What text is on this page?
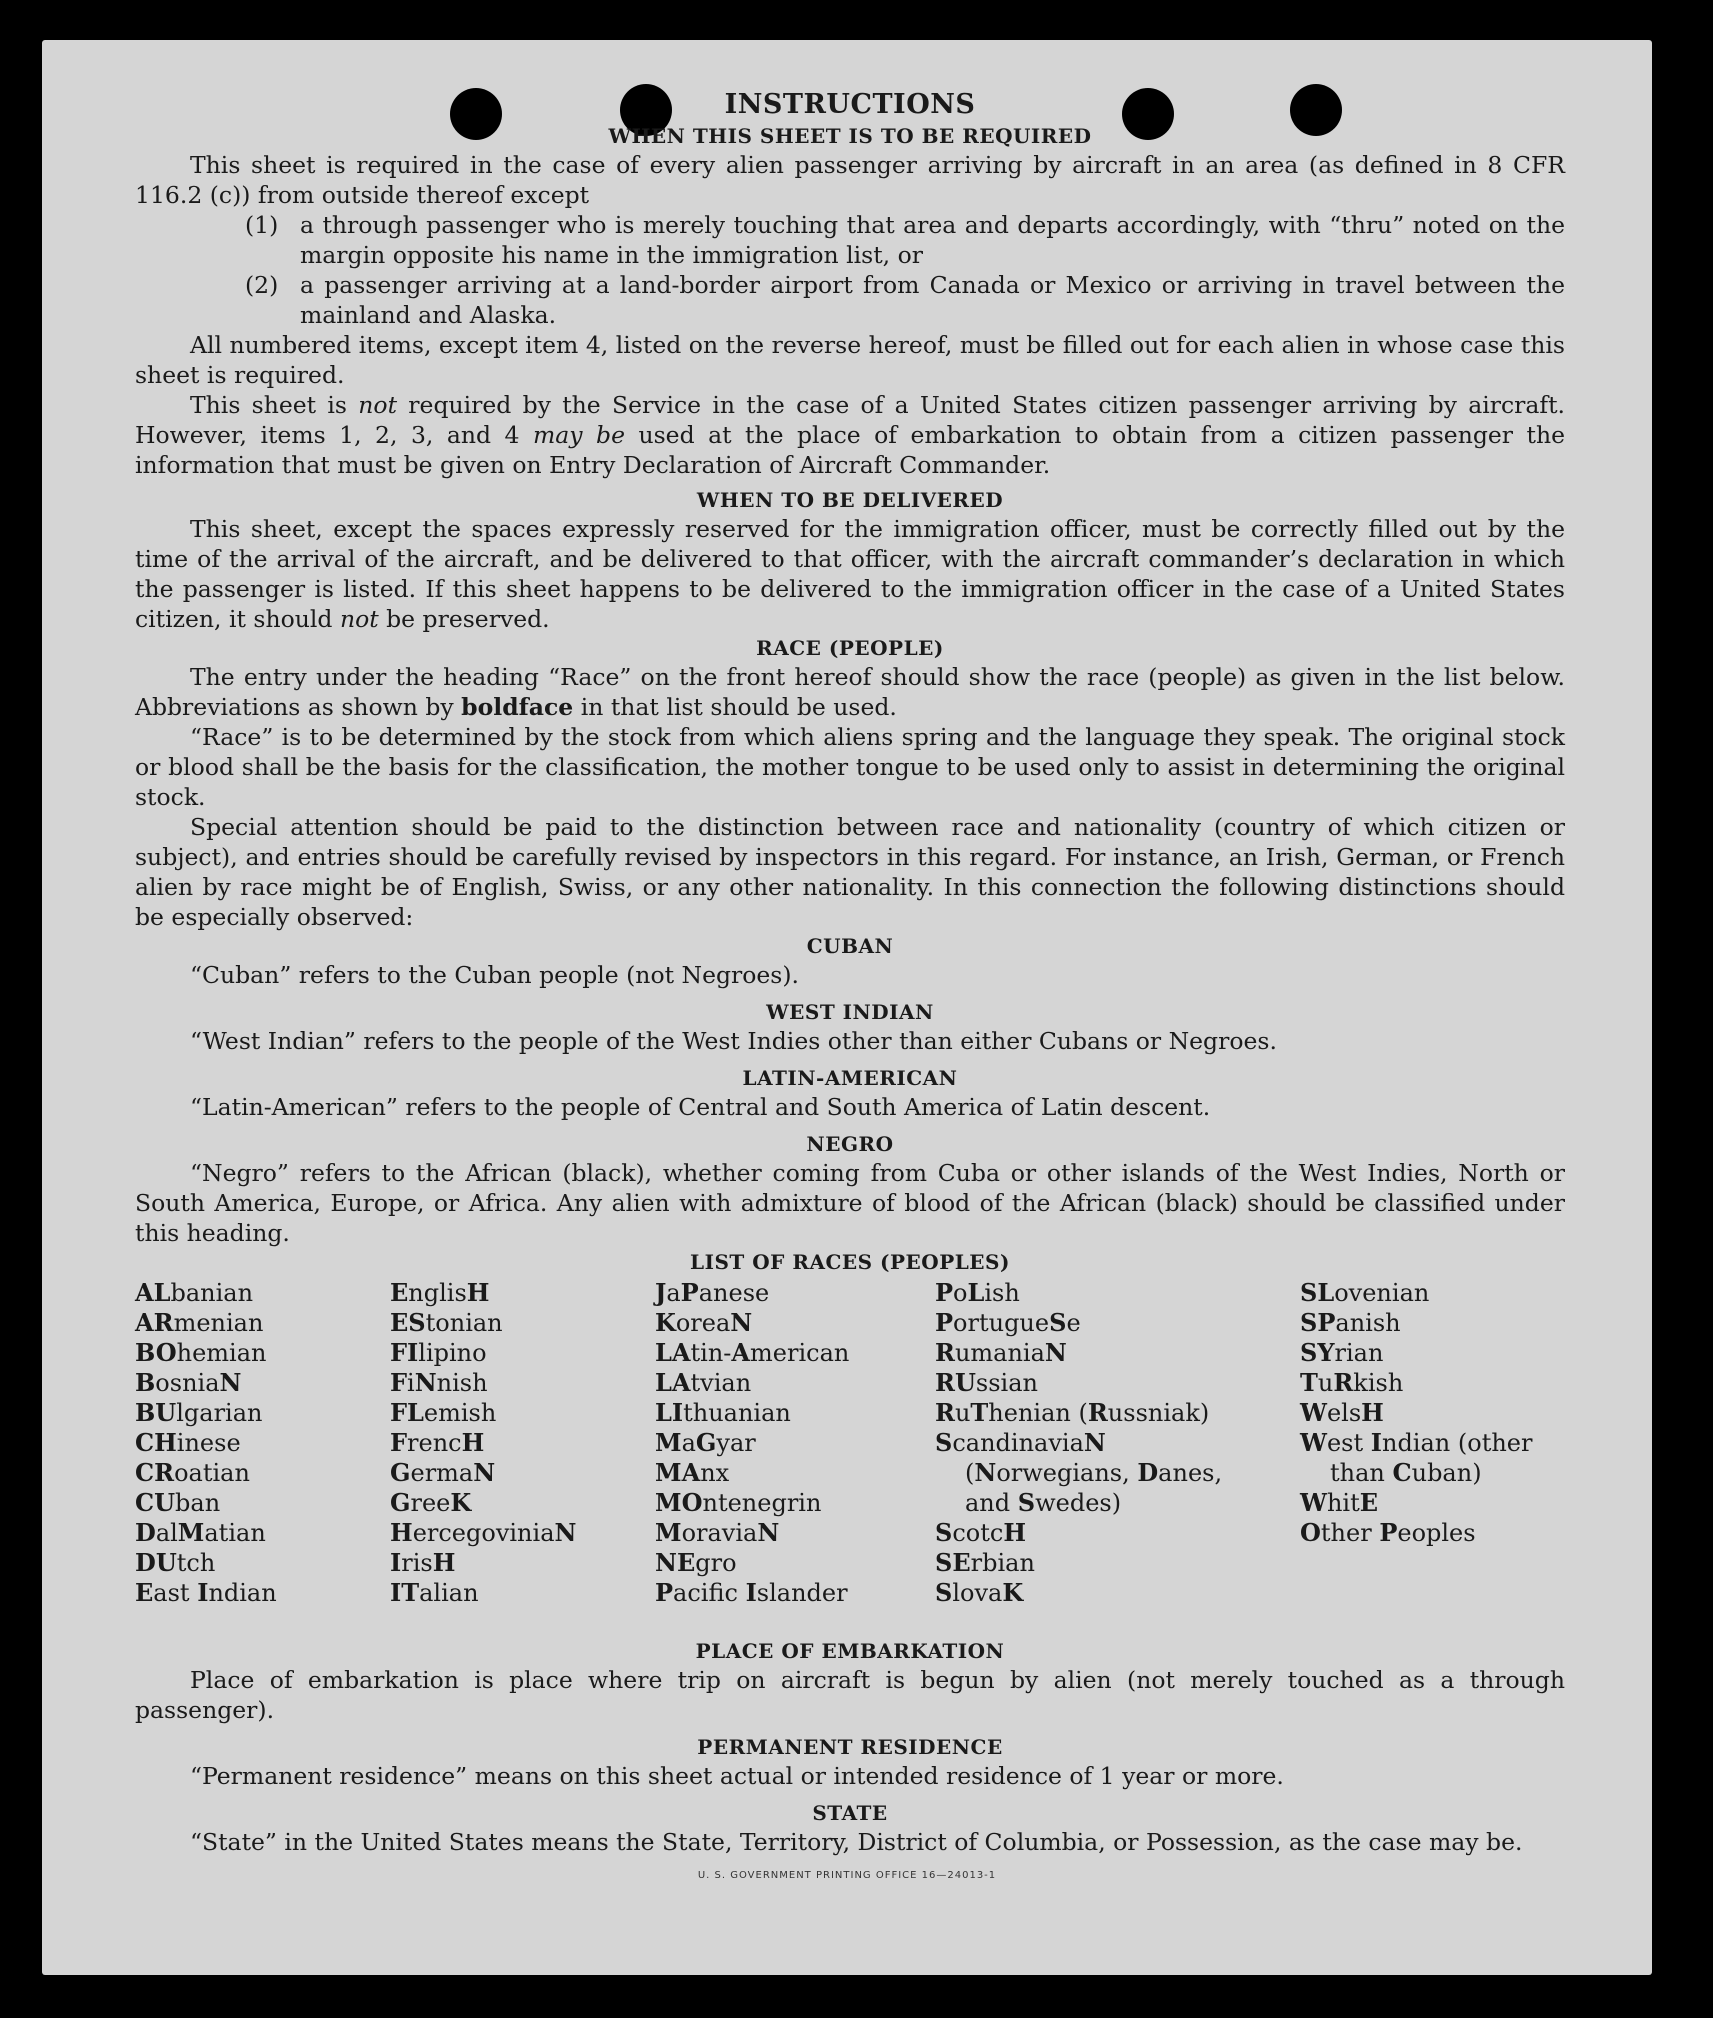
INSTRUCTIONS
WHEN THIS SHEET IS TO BE REQUIRED

This sheet is required in the case of every alien passenger arriving by aircraft in an area (as defined in 8 CFR 116.2 (c)) from outside thereof except

(1) a through passenger who is merely touching that area and departs accordingly, with “thru” noted on the margin opposite his name in the immigration list, or
(2) a passenger arriving at a land-border airport from Canada or Mexico or arriving in travel between the mainland and Alaska.

All numbered items, except item 4, listed on the reverse hereof, must be filled out for each alien in whose case this sheet is required.

This sheet is not required by the Service in the case of a United States citizen passenger arriving by aircraft. However, items 1, 2, 3, and 4 may be used at the place of embarkation to obtain from a citizen passenger the information that must be given on Entry Declaration of Aircraft Commander.

WHEN TO BE DELIVERED

This sheet, except the spaces expressly reserved for the immigration officer, must be correctly filled out by the time of the arrival of the aircraft, and be delivered to that officer, with the aircraft commander’s declaration in which the passenger is listed. If this sheet happens to be delivered to the immigration officer in the case of a United States citizen, it should not be preserved.

RACE (PEOPLE)

The entry under the heading “Race” on the front hereof should show the race (people) as given in the list below. Abbreviations as shown by boldface in that list should be used.

“Race” is to be determined by the stock from which aliens spring and the language they speak. The original stock or blood shall be the basis for the classification, the mother tongue to be used only to assist in determining the original stock.

Special attention should be paid to the distinction between race and nationality (country of which citizen or subject), and entries should be carefully revised by inspectors in this regard. For instance, an Irish, German, or French alien by race might be of English, Swiss, or any other nationality. In this connection the following distinctions should be especially observed:

CUBAN

“Cuban” refers to the Cuban people (not Negroes).

WEST INDIAN

“West Indian” refers to the people of the West Indies other than either Cubans or Negroes.

LATIN-AMERICAN

“Latin-American” refers to the people of Central and South America of Latin descent.

NEGRO

“Negro” refers to the African (black), whether coming from Cuba or other islands of the West Indies, North or South America, Europe, or Africa. Any alien with admixture of blood of the African (black) should be classified under this heading.

LIST OF RACES (PEOPLES)
ALbanian
ARmenian
BOhemian
BosniaN
BUlgarian
CHinese
CRoatian
CUban
DalMatian
DUtch
East Indian
EnglisH
EStonian
FIlipino
FiNnish
FLemish
FrencH
GermaN
GreeK
HercegoviniaN
IrisH
ITalian
JaPanese
KoreaN
LAtin-American
LAtvian
LIthuanian
MaGyar
MAnx
MOntenegrin
MoraviaN
NEgro
Pacific Islander
PoLish
PortugueSe
RumaniaN
RUssian
RuThenian (Russniak)
ScandinaviaN (Norwegians, Danes, and Swedes)
ScotcH
SErbian
SlovaK
SLovenian
SPanish
SYrian
TuRkish
WelsH
West Indian (other than Cuban)
WhitE
Other Peoples
PLACE OF EMBARKATION

Place of embarkation is place where trip on aircraft is begun by alien (not merely touched as a through passenger).

PERMANENT RESIDENCE

“Permanent residence” means on this sheet actual or intended residence of 1 year or more.

STATE

“State” in the United States means the State, Territory, District of Columbia, or Possession, as the case may be.

U. S. GOVERNMENT PRINTING OFFICE 16—24013-1
